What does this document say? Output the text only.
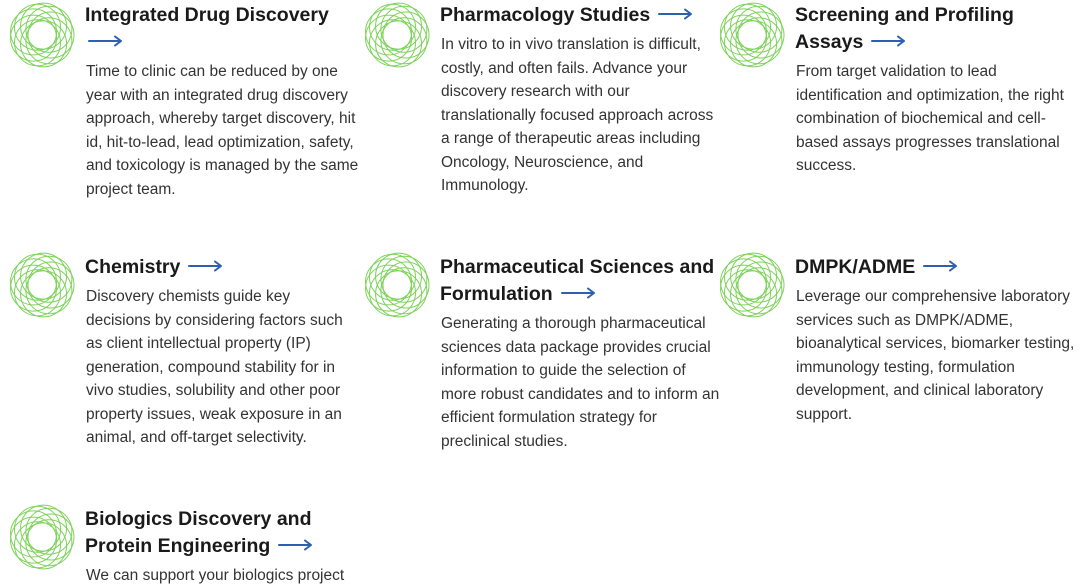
Integrated Drug Discovery

Time to clinic can be reduced by one year with an integrated drug discovery approach, whereby target discovery, hit id, hit-to-lead, lead optimization, safety, and toxicology is managed by the same project team.

Pharmacology Studies

In vitro to in vivo translation is difficult, costly, and often fails. Advance your discovery research with our translationally focused approach across a range of therapeutic areas including Oncology, Neuroscience, and Immunology.

Screening and Profiling Assays

From target validation to lead identification and optimization, the right combination of biochemical and cell-based assays progresses translational success.

Chemistry

Discovery chemists guide key decisions by considering factors such as client intellectual property (IP) generation, compound stability for in vivo studies, solubility and other poor property issues, weak exposure in an animal, and off-target selectivity.

Pharmaceutical Sciences and Formulation

Generating a thorough pharmaceutical sciences data package provides crucial information to guide the selection of more robust candidates and to inform an efficient formulation strategy for preclinical studies.

DMPK/ADME

Leverage our comprehensive laboratory services such as DMPK/ADME, bioanalytical services, biomarker testing, immunology testing, formulation development, and clinical laboratory support.

Biologics Discovery and Protein Engineering

We can support your biologics project
